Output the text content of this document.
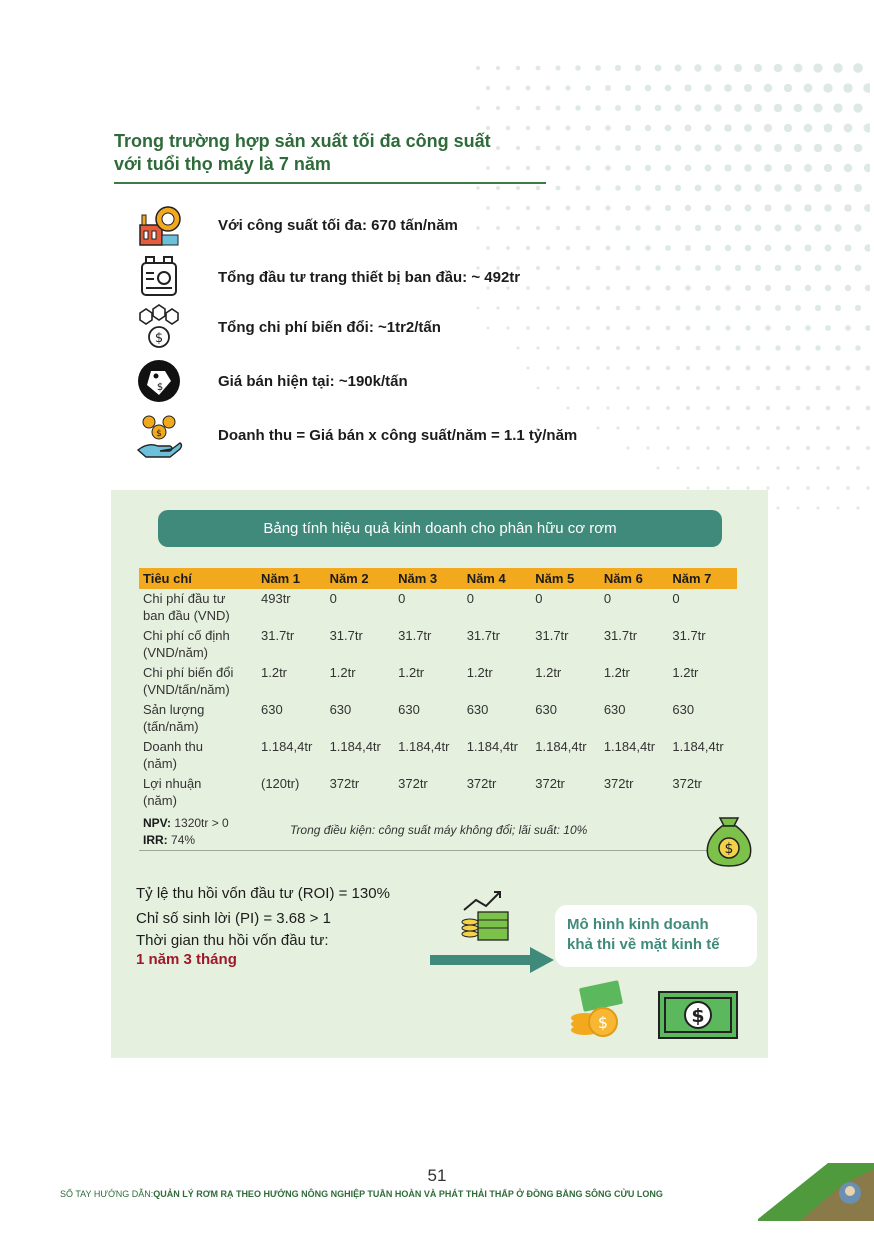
Trong trường hợp sản xuất tối đa công suất
với tuổi thọ máy là 7 năm
Với công suất tối đa: 670 tấn/năm
Tổng đầu tư trang thiết bị ban đầu: ~ 492tr
$
Tổng chi phí biến đổi: ~1tr2/tấn
$	Giá bán hiện tại: ~190k/tấn
$	Doanh thu = Giá bán x công suất/năm = 1.1 tỷ/năm
Bảng tính hiệu quả kinh doanh cho phân hữu cơ rơm
Tiêu chí	Năm 1	Năm 2	Năm 3	Năm 4	Năm 5	Năm 6	Năm 7

Chi phí đầu tư
ban đầu (VND)	493tr	0	0	0	0	0	0

Chi phí cố định
(VND/năm)	31.7tr	31.7tr	31.7tr	31.7tr	31.7tr	31.7tr	31.7tr

Chi phí biến đổi
(VND/tấn/năm)	1.2tr	1.2tr	1.2tr	1.2tr	1.2tr	1.2tr	1.2tr

Sản lượng
(tấn/năm)	630	630	630	630	630	630	630

Doanh thu
(năm)	1.184,4tr	1.184,4tr	1.184,4tr	1.184,4tr	1.184,4tr	1.184,4tr	1.184,4tr

Lợi nhuận
(năm)	(120tr)	372tr	372tr	372tr	372tr	372tr	372tr
NPV: 1320tr > 0
IRR: 74%
Trong điều kiện: công suất máy không đổi; lãi suất: 10%
$
Tỷ lệ thu hồi vốn đầu tư (ROI) = 130%
Chỉ số sinh lời (PI) = 3.68 > 1
Thời gian thu hồi vốn đầu tư:
1 năm 3 tháng
Mô hình kinh doanh
khả thi về mặt kinh tế
$	$
51
SỔ TAY HƯỚNG DẪN:QUẢN LÝ RƠM RẠ THEO HƯỚNG NÔNG NGHIỆP TUẦN HOÀN VÀ PHÁT THẢI THẤP Ở ĐỒNG BẰNG SÔNG CỬU LONG
